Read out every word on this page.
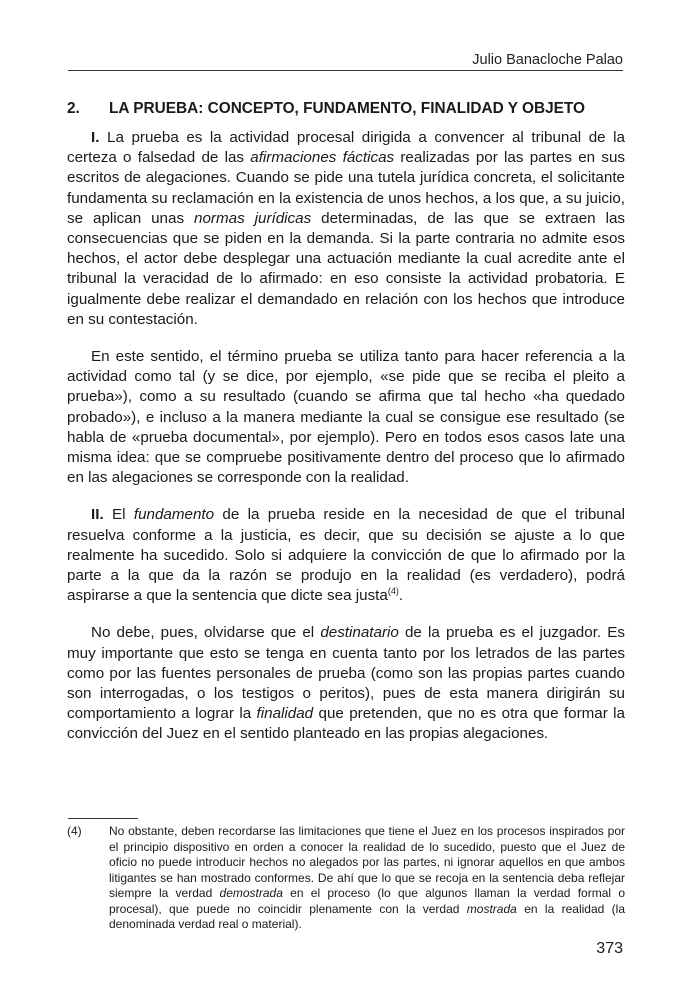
Julio Banacloche Palao
2.	LA PRUEBA: CONCEPTO, FUNDAMENTO, FINALIDAD Y OBJETO

I. La prueba es la actividad procesal dirigida a convencer al tribunal de la certeza o falsedad de las afirmaciones fácticas realizadas por las partes en sus escritos de alegaciones. Cuando se pide una tutela jurídica concreta, el solicitante fundamenta su reclamación en la existencia de unos hechos, a los que, a su juicio, se aplican unas normas jurídicas determinadas, de las que se extraen las consecuencias que se piden en la demanda. Si la parte contraria no admite esos hechos, el actor debe desplegar una actuación mediante la cual acredite ante el tribunal la veracidad de lo afirmado: en eso consiste la actividad probatoria. E igualmente debe realizar el demandado en relación con los hechos que introduce en su contestación.

En este sentido, el término prueba se utiliza tanto para hacer referencia a la actividad como tal (y se dice, por ejemplo, «se pide que se reciba el pleito a prueba»), como a su resultado (cuando se afirma que tal hecho «ha quedado probado»), e incluso a la manera mediante la cual se consigue ese resultado (se habla de «prueba documental», por ejemplo). Pero en todos esos casos late una misma idea: que se compruebe positivamente dentro del proceso que lo afirmado en las alegaciones se corresponde con la realidad.

II. El fundamento de la prueba reside en la necesidad de que el tribunal resuelva conforme a la justicia, es decir, que su decisión se ajuste a lo que realmente ha sucedido. Solo si adquiere la convicción de que lo afirmado por la parte a la que da la razón se produjo en la realidad (es verdadero), podrá aspirarse a que la sentencia que dicte sea justa$^{(4)}$.

No debe, pues, olvidarse que el destinatario de la prueba es el juzgador. Es muy importante que esto se tenga en cuenta tanto por los letrados de las partes como por las fuentes personales de prueba (como son las propias partes cuando son interrogadas, o los testigos o peritos), pues de esta manera dirigirán su comportamiento a lograr la finalidad que pretenden, que no es otra que formar la convicción del Juez en el sentido planteado en las propias alegaciones.

(4)	No obstante, deben recordarse las limitaciones que tiene el Juez en los procesos inspirados por el principio dispositivo en orden a conocer la realidad de lo sucedido, puesto que el Juez de oficio no puede introducir hechos no alegados por las partes, ni ignorar aquellos en que ambos litigantes se han mostrado conformes. De ahí que lo que se recoja en la sentencia deba reflejar siempre la verdad demostrada en el proceso (lo que algunos llaman la verdad formal o procesal), que puede no coincidir plenamente con la verdad mostrada en la realidad (la denominada verdad real o material).
373
